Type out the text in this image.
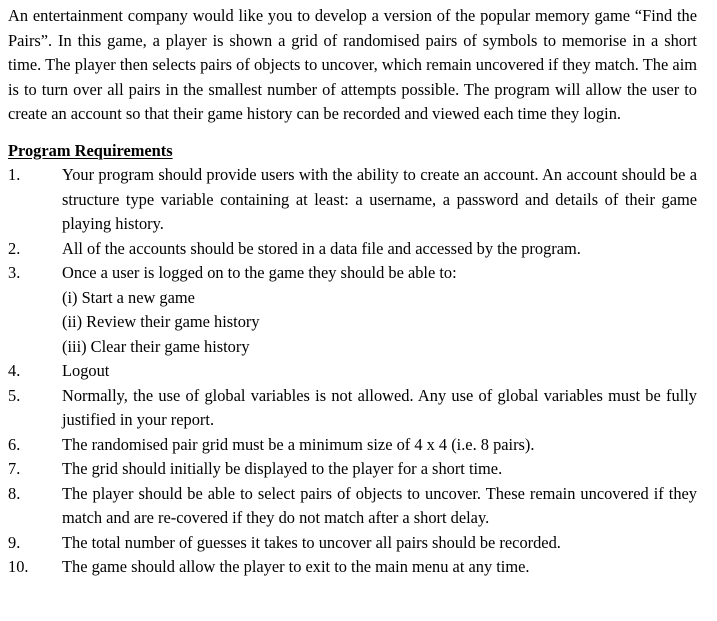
An entertainment company would like you to develop a version of the popular memory game “Find the Pairs”. In this game, a player is shown a grid of randomised pairs of symbols to memorise in a short time. The player then selects pairs of objects to uncover, which remain uncovered if they match. The aim is to turn over all pairs in the smallest number of attempts possible. The program will allow the user to create an account so that their game history can be recorded and viewed each time they login.

Program Requirements
1.	Your program should provide users with the ability to create an account. An account should be a structure type variable containing at least: a username, a password and details of their game playing history.
2.	All of the accounts should be stored in a data file and accessed by the program.
3.	Once a user is logged on to the game they should be able to:
(i) Start a new game
(ii) Review their game history
(iii) Clear their game history
4.	Logout
5.	Normally, the use of global variables is not allowed. Any use of global variables must be fully justified in your report.
6.	The randomised pair grid must be a minimum size of 4 x 4 (i.e. 8 pairs).
7.	The grid should initially be displayed to the player for a short time.
8.	The player should be able to select pairs of objects to uncover. These remain uncovered if they match and are re-covered if they do not match after a short delay.
9.	The total number of guesses it takes to uncover all pairs should be recorded.
10.	The game should allow the player to exit to the main menu at any time.
